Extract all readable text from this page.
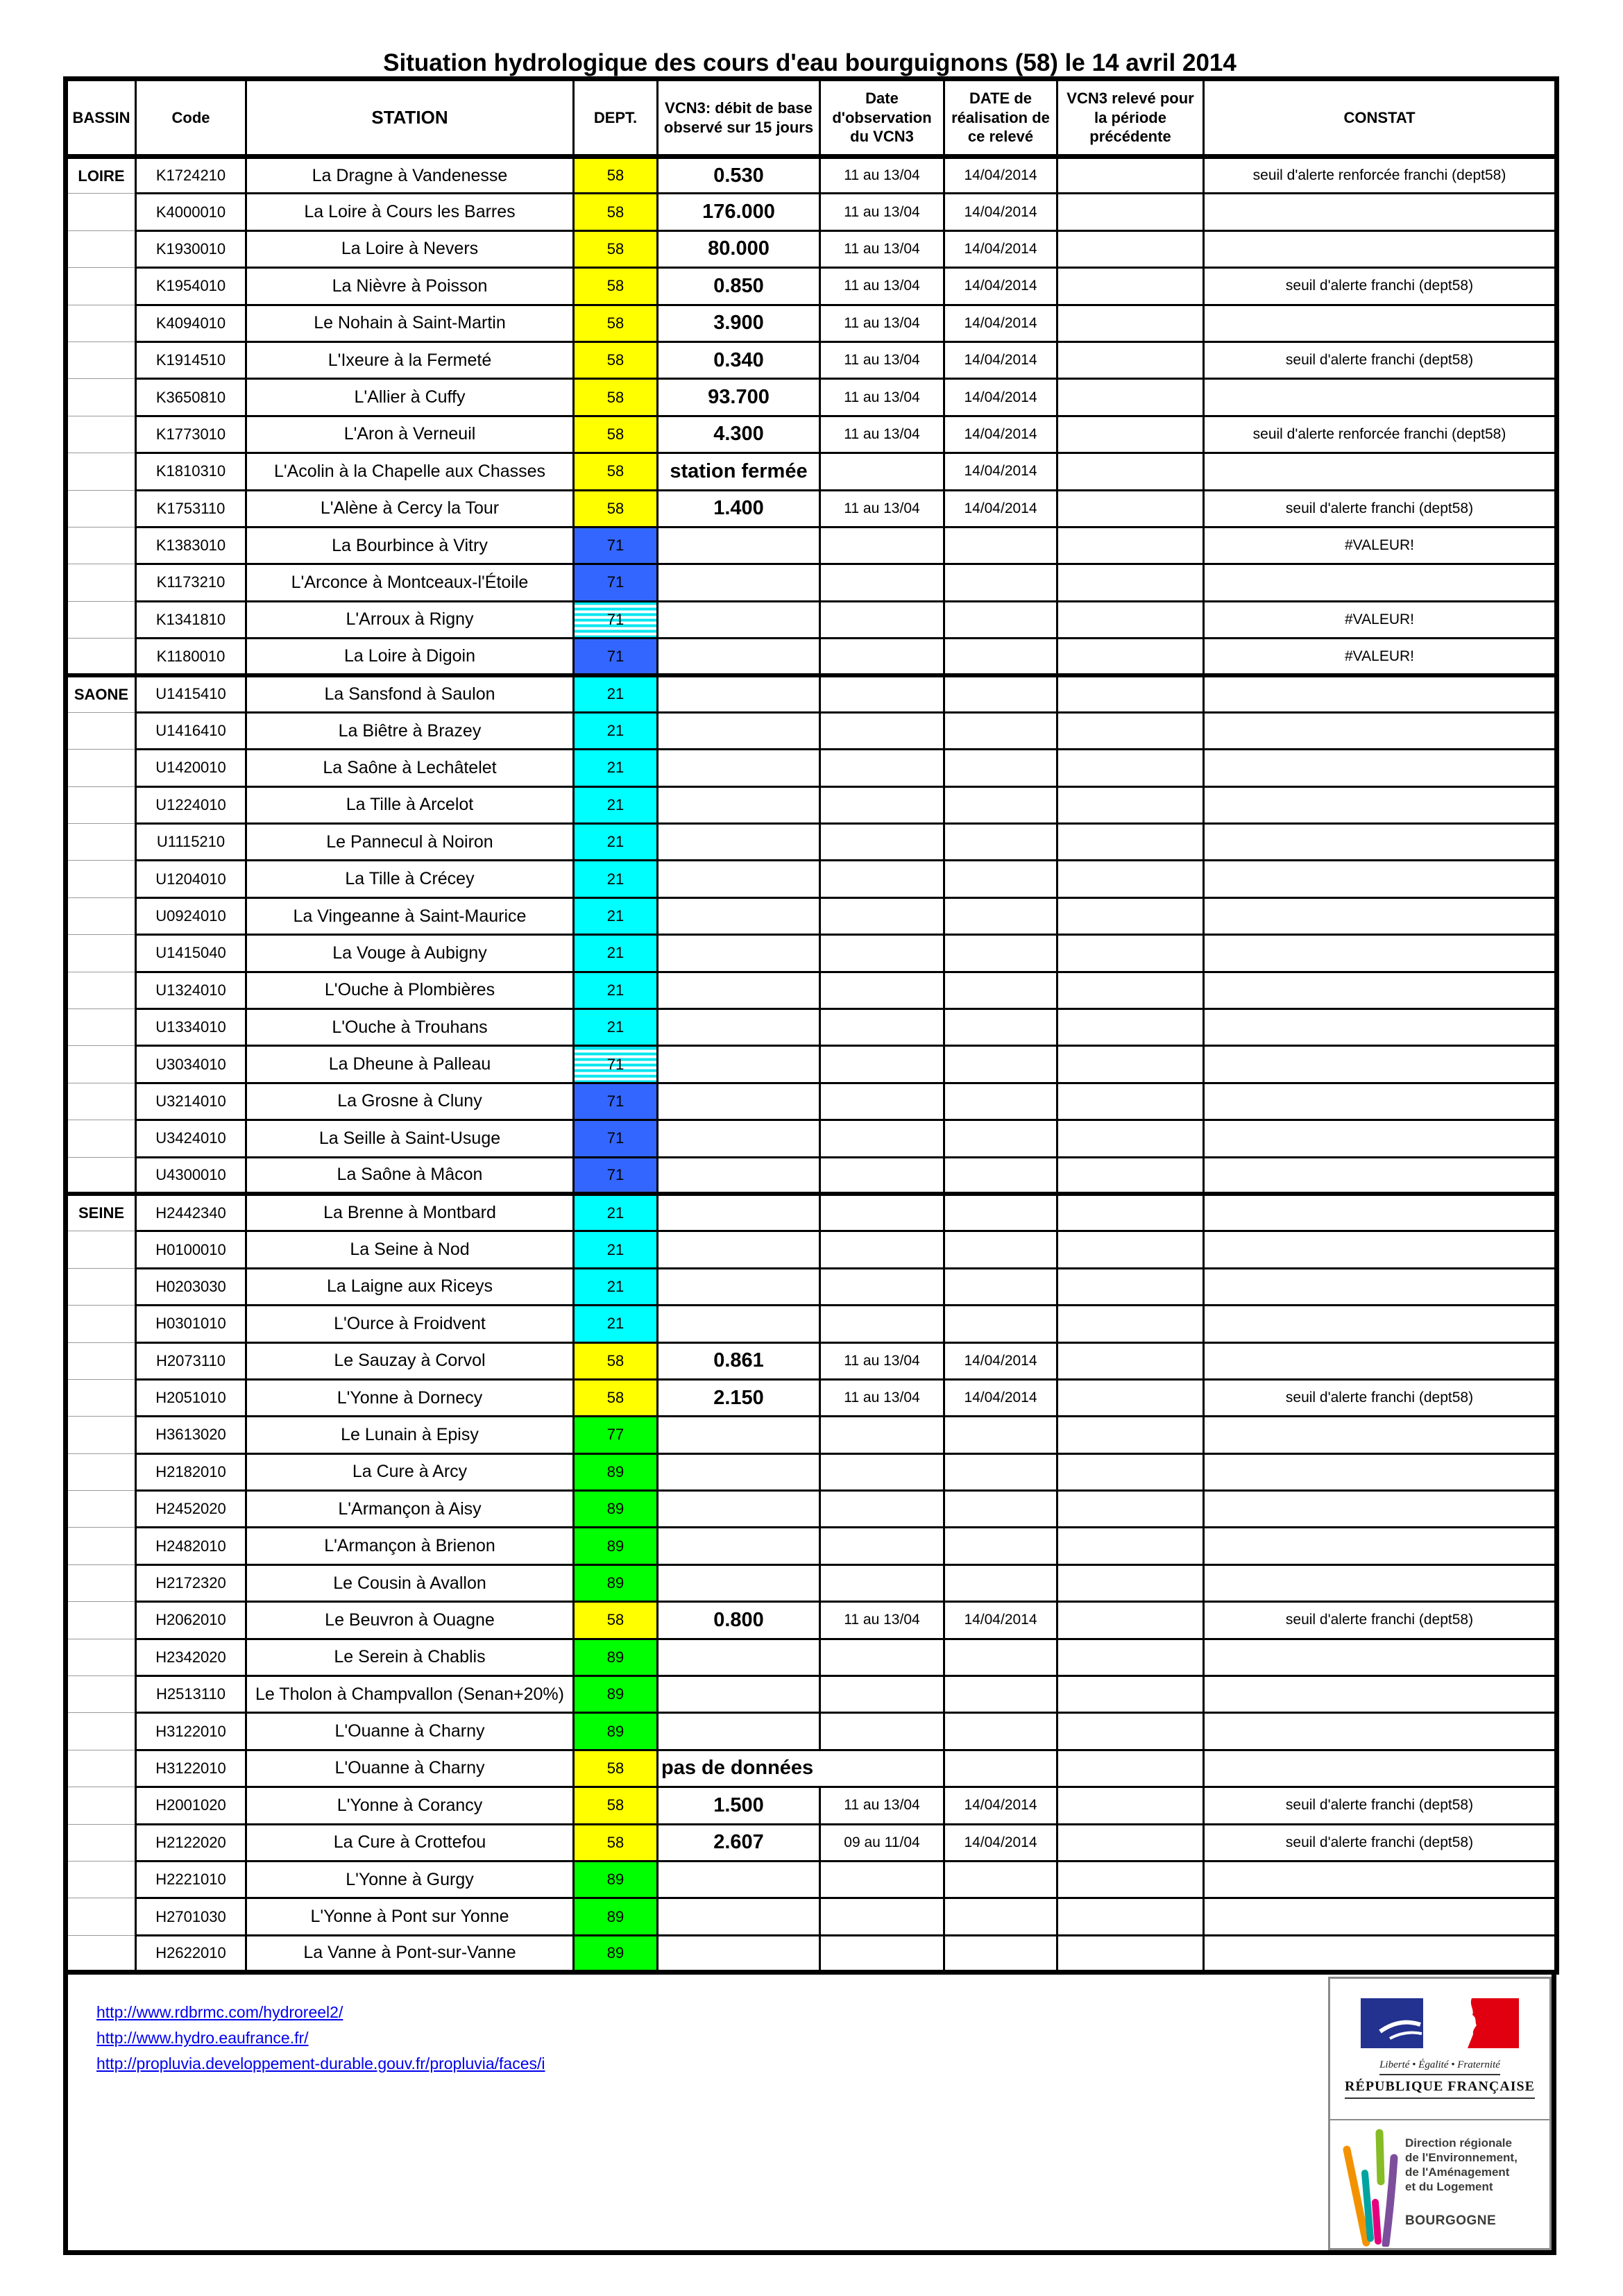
Situation hydrologique des cours d'eau bourguignons (58) le 14 avril 2014
BASSIN	Code	STATION	DEPT.	VCN3: débit de base observé sur 15 jours	Date d'observation du VCN3	DATE de réalisation de ce relevé	VCN3 relevé pour la période précédente	CONSTAT
LOIRE	K1724210	La Dragne à Vandenesse	58	0.530	11 au 13/04	14/04/2014		seuil d'alerte renforcée franchi (dept58)
	K4000010	La Loire à Cours les Barres	58	176.000	11 au 13/04	14/04/2014		
	K1930010	La Loire à Nevers	58	80.000	11 au 13/04	14/04/2014		
	K1954010	La Nièvre à Poisson	58	0.850	11 au 13/04	14/04/2014		seuil d'alerte franchi (dept58)
	K4094010	Le Nohain à Saint-Martin	58	3.900	11 au 13/04	14/04/2014		
	K1914510	L'Ixeure à la Fermeté	58	0.340	11 au 13/04	14/04/2014		seuil d'alerte franchi (dept58)
	K3650810	L'Allier à Cuffy	58	93.700	11 au 13/04	14/04/2014		
	K1773010	L'Aron à Verneuil	58	4.300	11 au 13/04	14/04/2014		seuil d'alerte renforcée franchi (dept58)
	K1810310	L'Acolin à la Chapelle aux Chasses	58	station fermée		14/04/2014		
	K1753110	L'Alène à Cercy la Tour	58	1.400	11 au 13/04	14/04/2014		seuil d'alerte franchi (dept58)
	K1383010	La Bourbince à Vitry	71					#VALEUR!
	K1173210	L'Arconce à Montceaux-l'Étoile	71					
	K1341810	L'Arroux à Rigny	71					#VALEUR!
	K1180010	La Loire à Digoin	71					#VALEUR!
SAONE	U1415410	La Sansfond à Saulon	21					
	U1416410	La Biêtre à Brazey	21					
	U1420010	La Saône à Lechâtelet	21					
	U1224010	La Tille à Arcelot	21					
	U1115210	Le Pannecul à Noiron	21					
	U1204010	La Tille à Crécey	21					
	U0924010	La Vingeanne à Saint-Maurice	21					
	U1415040	La Vouge à Aubigny	21					
	U1324010	L'Ouche à Plombières	21					
	U1334010	L'Ouche à Trouhans	21					
	U3034010	La Dheune à Palleau	71					
	U3214010	La Grosne à Cluny	71					
	U3424010	La Seille à Saint-Usuge	71					
	U4300010	La Saône à Mâcon	71					
SEINE	H2442340	La Brenne à Montbard	21					
	H0100010	La Seine à Nod	21					
	H0203030	La Laigne aux Riceys	21					
	H0301010	L'Ource à Froidvent	21					
	H2073110	Le Sauzay à Corvol	58	0.861	11 au 13/04	14/04/2014		
	H2051010	L'Yonne à Dornecy	58	2.150	11 au 13/04	14/04/2014		seuil d'alerte franchi (dept58)
	H3613020	Le Lunain à Episy	77					
	H2182010	La Cure à Arcy	89					
	H2452020	L'Armançon à Aisy	89					
	H2482010	L'Armançon à Brienon	89					
	H2172320	Le Cousin à Avallon	89					
	H2062010	Le Beuvron à Ouagne	58	0.800	11 au 13/04	14/04/2014		seuil d'alerte franchi (dept58)
	H2342020	Le Serein à Chablis	89					
	H2513110	Le Tholon à Champvallon (Senan+20%)	89					
	H3122010	L'Ouanne à Charny	89					
	H3122010	L'Ouanne à Charny	58	pas de données				
	H2001020	L'Yonne à Corancy	58	1.500	11 au 13/04	14/04/2014		seuil d'alerte franchi (dept58)
	H2122020	La Cure à Crottefou	58	2.607	09 au 11/04	14/04/2014		seuil d'alerte franchi (dept58)
	H2221010	L'Yonne à Gurgy	89					
	H2701030	L'Yonne à Pont sur Yonne	89					
	H2622010	La Vanne à Pont-sur-Vanne	89					
http://www.rdbrmc.com/hydroreel2/
http://www.hydro.eaufrance.fr/
http://propluvia.developpement-durable.gouv.fr/propluvia/faces/i	Liberté • Égalité • Fraternité
RÉPUBLIQUE FRANÇAISE
Direction régionale
de l'Environnement,
de l'Aménagement
et du Logement
BOURGOGNE
